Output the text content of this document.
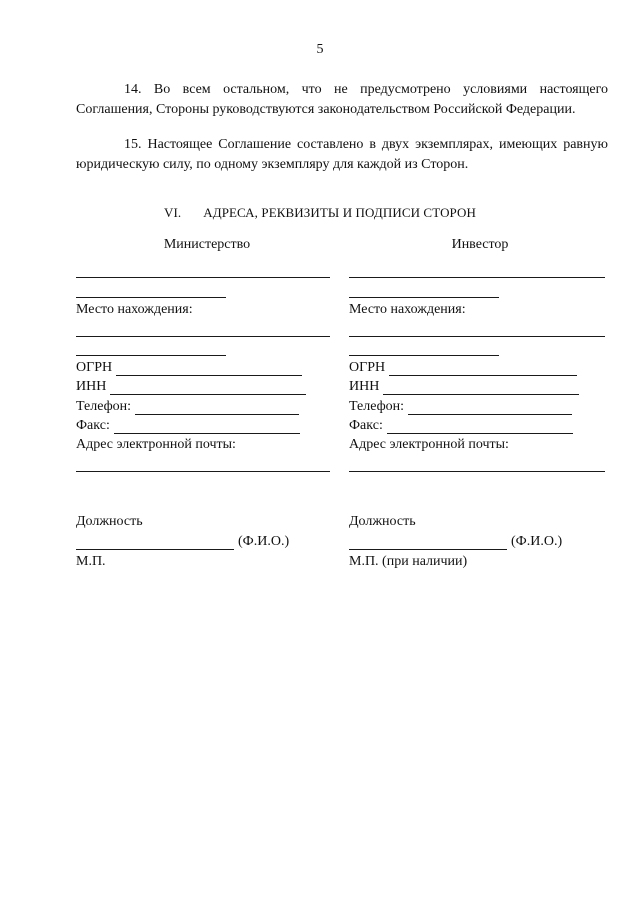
5
14. Во всем остальном, что не предусмотрено условиями настоящего Соглашения, Стороны руководствуются законодательством Российской Федерации.
15. Настоящее Соглашение составлено в двух экземплярах, имеющих равную юридическую силу, по одному экземпляру для каждой из Сторон.
VI. АДРЕСА, РЕКВИЗИТЫ И ПОДПИСИ СТОРОН
Министерство
Место нахождения:
ОГРН
ИНН
Телефон:
Факс:
Адрес электронной почты:
Должность
(Ф.И.О.)
М.П.
Инвестор
Место нахождения:
ОГРН
ИНН
Телефон:
Факс:
Адрес электронной почты:
Должность
(Ф.И.О.)
М.П. (при наличии)
